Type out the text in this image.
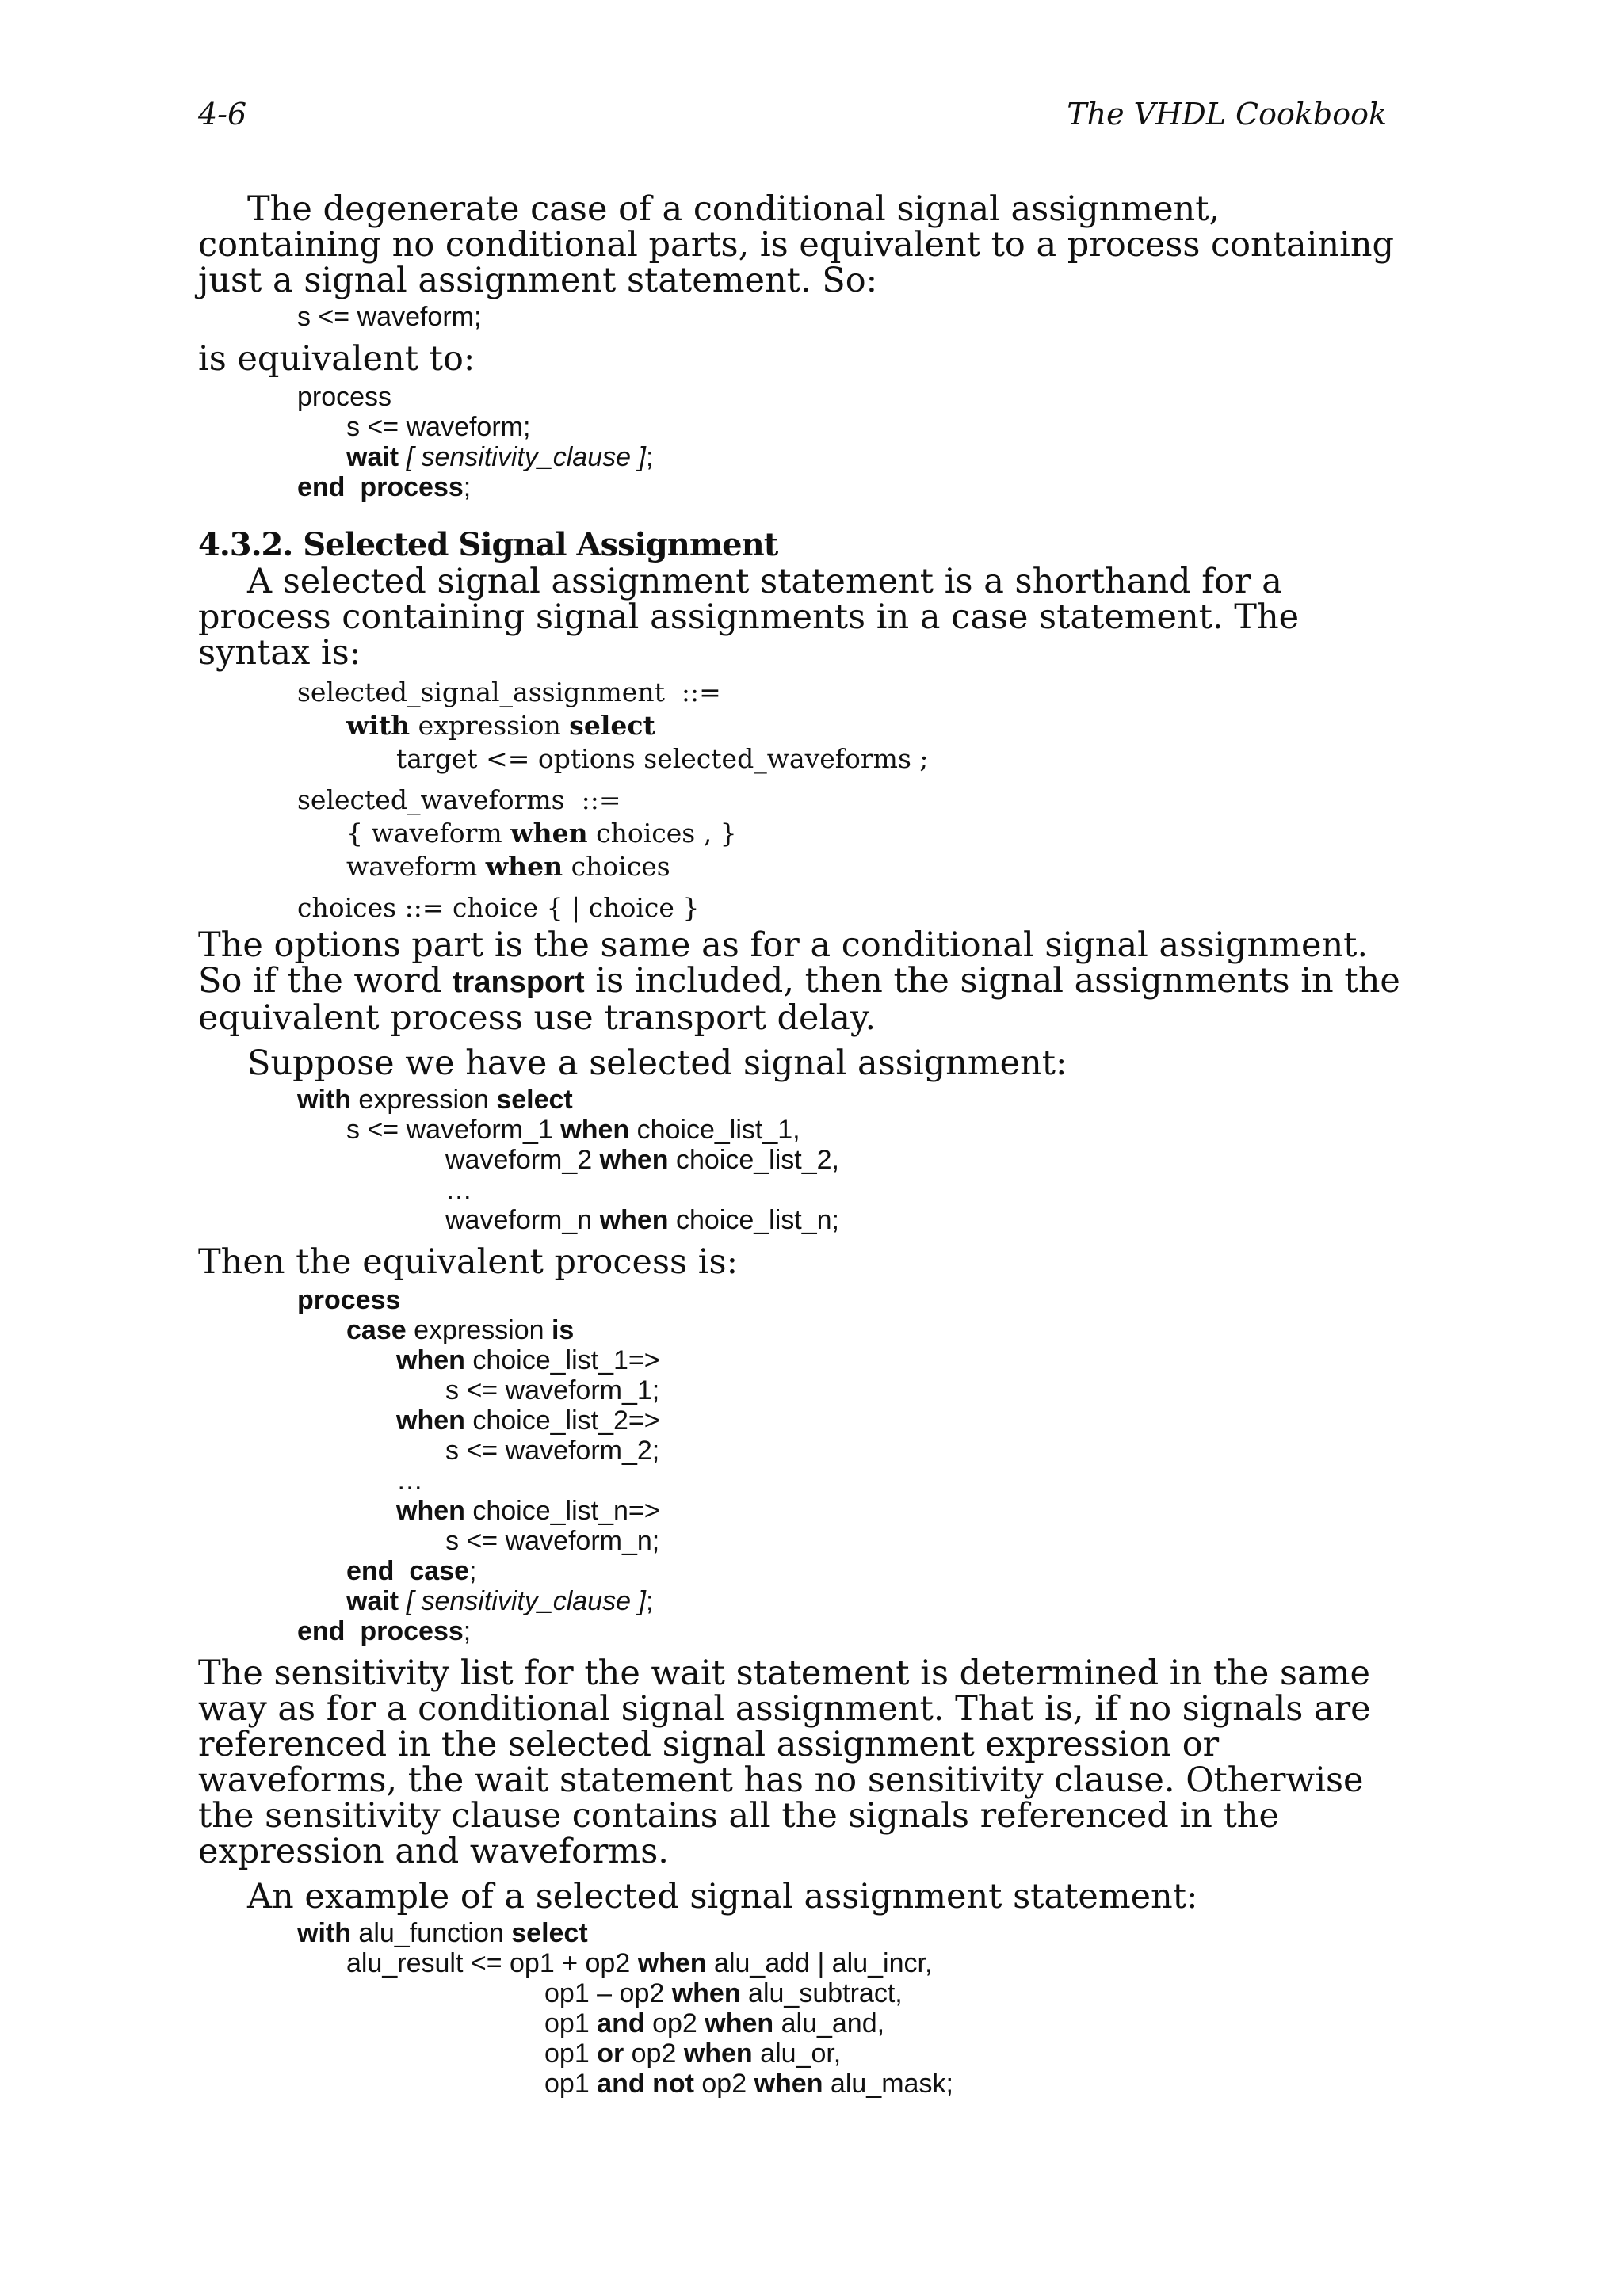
4-6	The VHDL Cookbook

The degenerate case of a conditional signal assignment, containing no conditional parts, is equivalent to a process containing just a signal assignment statement. So:

s <= waveform;

is equivalent to:

process
s <= waveform;
wait [ sensitivity_clause ];
end process;
4.3.2. Selected Signal Assignment

A selected signal assignment statement is a shorthand for a process containing signal assignments in a case statement. The syntax is:

selected_signal_assignment  ::=
with expression select
target <= options selected_waveforms ;
selected_waveforms  ::=
{ waveform when choices , }
waveform when choices
choices ::= choice { | choice }

The options part is the same as for a conditional signal assignment. So if the word transport is included, then the signal assignments in the equivalent process use transport delay.

Suppose we have a selected signal assignment:

with expression select
s <= waveform_1 when choice_list_1,
waveform_2 when choice_list_2,
…
waveform_n when choice_list_n;

Then the equivalent process is:

process
case expression is
when choice_list_1=>
s <= waveform_1;
when choice_list_2=>
s <= waveform_2;
…
when choice_list_n=>
s <= waveform_n;
end case;
wait [ sensitivity_clause ];
end process;

The sensitivity list for the wait statement is determined in the same way as for a conditional signal assignment. That is, if no signals are referenced in the selected signal assignment expression or waveforms, the wait statement has no sensitivity clause. Otherwise the sensitivity clause contains all the signals referenced in the expression and waveforms.

An example of a selected signal assignment statement:

with alu_function select
alu_result <= op1 + op2 when alu_add | alu_incr,
op1 – op2 when alu_subtract,
op1 and op2 when alu_and,
op1 or op2 when alu_or,
op1 and not op2 when alu_mask;
